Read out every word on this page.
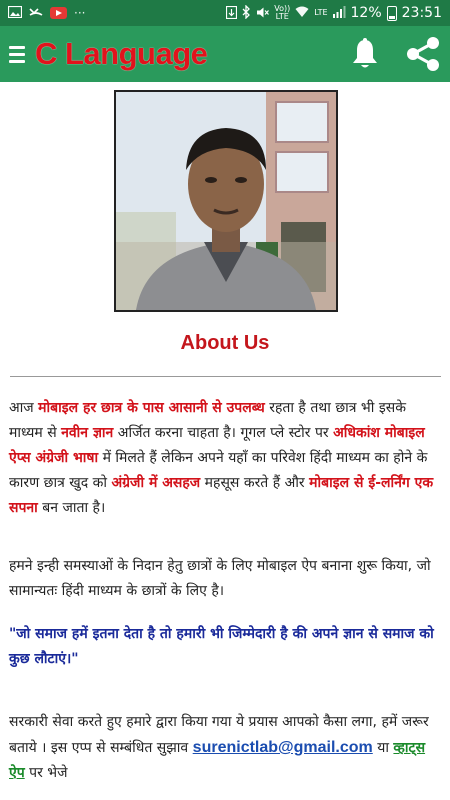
···	Vo))
LTE	LTE 12% 23:51
C Language
About Us
आज मोबाइल हर छात्र के पास आसानी से उपलब्ध रहता है तथा छात्र भी इसके माध्यम से नवीन ज्ञान अर्जित करना चाहता है। गूगल प्ले स्टोर पर अधिकांश मोबाइल ऐप्स अंग्रेजी भाषा में मिलते हैं लेकिन अपने यहाँ का परिवेश हिंदी माध्यम का होने के कारण छात्र खुद को अंग्रेजी में असहज महसूस करते हैं और मोबाइल से ई-लर्निंग एक सपना बन जाता है।
हमने इन्ही समस्याओं के निदान हेतु छात्रों के लिए मोबाइल ऐप बनाना शुरू किया, जो सामान्यतः हिंदी माध्यम के छात्रों के लिए है।
"जो समाज हमें इतना देता है तो हमारी भी जिम्मेदारी है की अपने ज्ञान से समाज को कुछ लौटाएं।"
सरकारी सेवा करते हुए हमारे द्वारा किया गया ये प्रयास आपको कैसा लगा, हमें जरूर बताये । इस एप्प से सम्बंधित सुझाव surenictlab@gmail.com या व्हाट्स ऐप पर भेजे
